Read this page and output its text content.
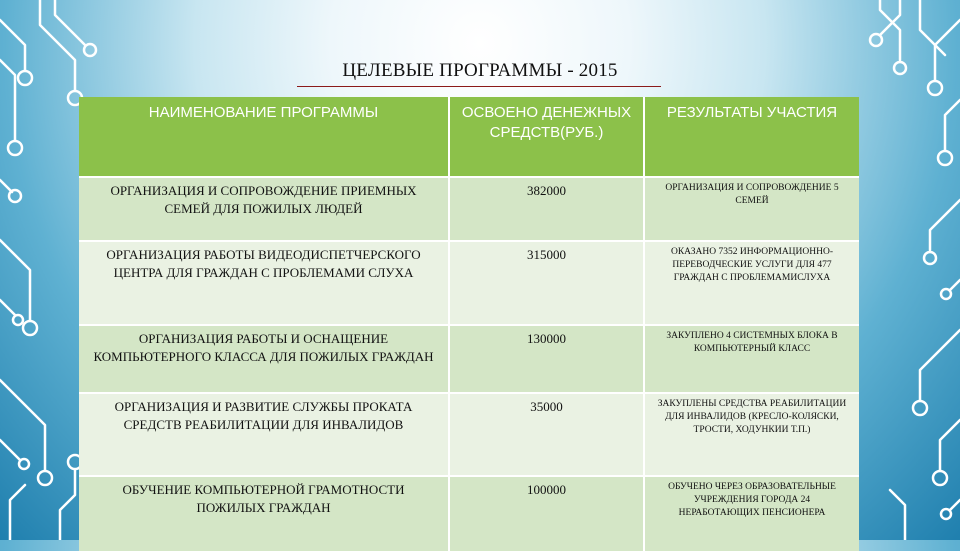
ЦЕЛЕВЫЕ ПРОГРАММЫ - 2015
НАИМЕНОВАНИЕ ПРОГРАММЫ	ОСВОЕНО ДЕНЕЖНЫХ СРЕДСТВ(РУБ.)	РЕЗУЛЬТАТЫ УЧАСТИЯ
ОРГАНИЗАЦИЯ И СОПРОВОЖДЕНИЕ ПРИЕМНЫХ СЕМЕЙ ДЛЯ ПОЖИЛЫХ ЛЮДЕЙ	382000	ОРГАНИЗАЦИЯ И СОПРОВОЖДЕНИЕ 5 СЕМЕЙ
ОРГАНИЗАЦИЯ РАБОТЫ ВИДЕОДИСПЕТЧЕРСКОГО ЦЕНТРА ДЛЯ ГРАЖДАН С ПРОБЛЕМАМИ СЛУХА	315000	ОКАЗАНО 7352 ИНФОРМАЦИОННО-ПЕРЕВОДЧЕСКИЕ УСЛУГИ ДЛЯ 477 ГРАЖДАН С ПРОБЛЕМАМИСЛУХА
ОРГАНИЗАЦИЯ РАБОТЫ И ОСНАЩЕНИЕ КОМПЬЮТЕРНОГО КЛАССА ДЛЯ ПОЖИЛЫХ ГРАЖДАН	130000	ЗАКУПЛЕНО 4 СИСТЕМНЫХ БЛОКА В КОМПЬЮТЕРНЫЙ КЛАСС
ОРГАНИЗАЦИЯ И РАЗВИТИЕ СЛУЖБЫ ПРОКАТА СРЕДСТВ РЕАБИЛИТАЦИИ ДЛЯ ИНВАЛИДОВ	35000	ЗАКУПЛЕНЫ СРЕДСТВА РЕАБИЛИТАЦИИ ДЛЯ ИНВАЛИДОВ (КРЕСЛО-КОЛЯСКИ, ТРОСТИ, ХОДУНКИИ Т.П.)
ОБУЧЕНИЕ КОМПЬЮТЕРНОЙ ГРАМОТНОСТИ ПОЖИЛЫХ ГРАЖДАН	100000	ОБУЧЕНО ЧЕРЕЗ ОБРАЗОВАТЕЛЬНЫЕ УЧРЕЖДЕНИЯ ГОРОДА 24 НЕРАБОТАЮЩИХ ПЕНСИОНЕРА
